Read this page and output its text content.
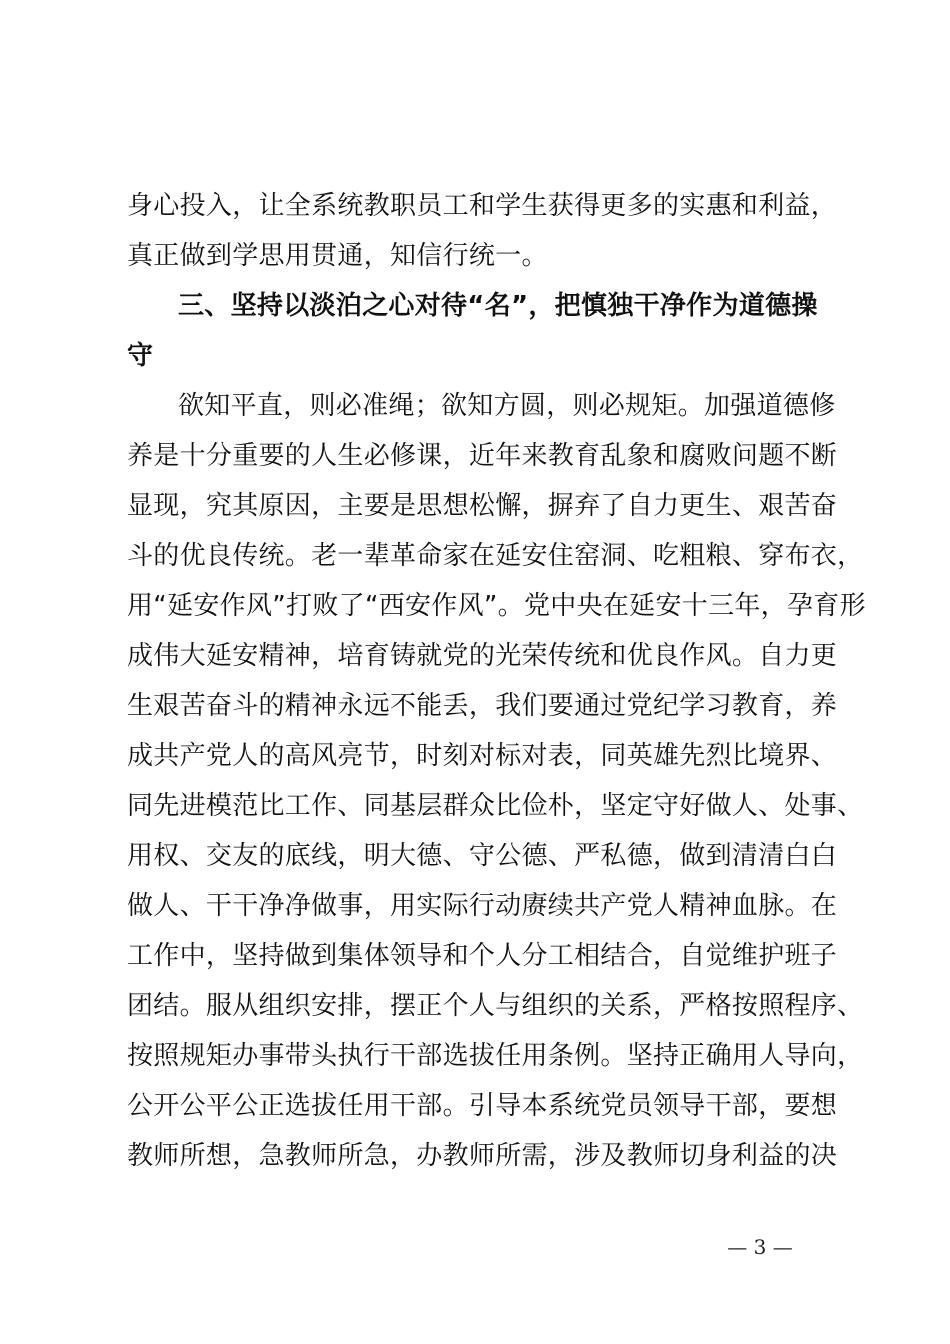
身心投入，让全系统教职员工和学生获得更多的实惠和利益，
真正做到学思用贯通，知信行统一。
三、坚持以淡泊之心对待“名”，把慎独干净作为道德操
守
欲知平直，则必准绳；欲知方圆，则必规矩。加强道德修
养是十分重要的人生必修课，近年来教育乱象和腐败问题不断
显现，究其原因，主要是思想松懈，摒弃了自力更生、艰苦奋
斗的优良传统。老一辈革命家在延安住窑洞、吃粗粮、穿布衣，
用“延安作风”打败了“西安作风”。党中央在延安十三年，孕育形
成伟大延安精神，培育铸就党的光荣传统和优良作风。自力更
生艰苦奋斗的精神永远不能丢，我们要通过党纪学习教育，养
成共产党人的高风亮节，时刻对标对表，同英雄先烈比境界、
同先进模范比工作、同基层群众比俭朴，坚定守好做人、处事、
用权、交友的底线，明大德、守公德、严私德，做到清清白白
做人、干干净净做事，用实际行动赓续共产党人精神血脉。在
工作中，坚持做到集体领导和个人分工相结合，自觉维护班子
团结。服从组织安排，摆正个人与组织的关系，严格按照程序、
按照规矩办事带头执行干部选拔任用条例。坚持正确用人导向，
公开公平公正选拔任用干部。引导本系统党员领导干部，要想
教师所想，急教师所急，办教师所需，涉及教师切身利益的决
— 3 —
